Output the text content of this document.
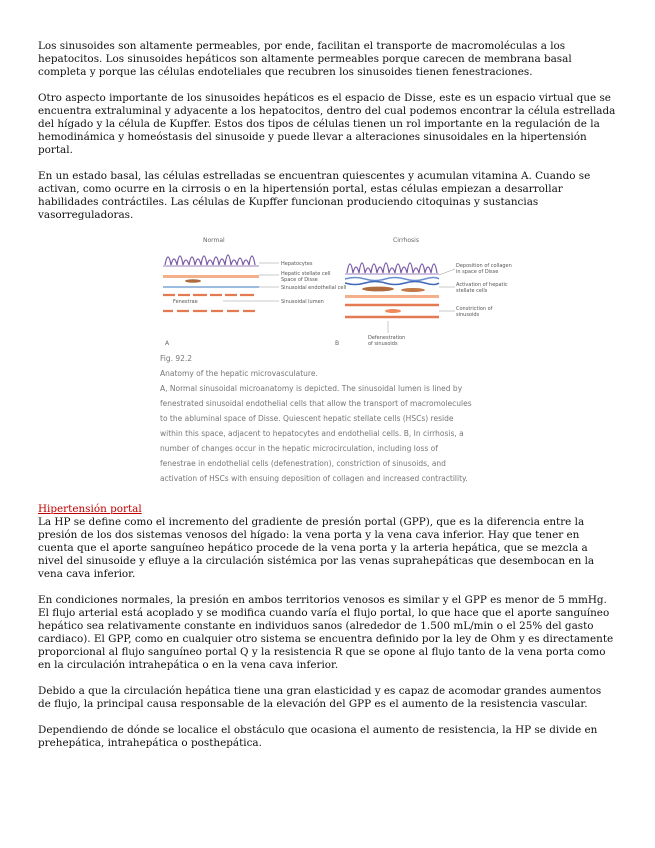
Los sinusoides son altamente permeables, por ende, facilitan el transporte de macromoléculas a los hepatocitos. Los sinusoides hepáticos son altamente permeables porque carecen de membrana basal completa y porque las células endoteliales que recubren los sinusoides tienen fenestraciones.

Otro aspecto importante de los sinusoides hepáticos es el espacio de Disse, este es un espacio virtual que se encuentra extraluminal y adyacente a los hepatocitos, dentro del cual podemos encontrar la célula estrellada del hígado y la célula de Kupffer. Estos dos tipos de células tienen un rol importante en la regulación de la hemodinámica y homeóstasis del sinusoide y puede llevar a alteraciones sinusoidales en la hipertensión portal.

En un estado basal, las células estrelladas se encuentran quiescentes y acumulan vitamina A. Cuando se activan, como ocurre en la cirrosis o en la hipertensión portal, estas células empiezan a desarrollar habilidades contráctiles. Las células de Kupffer funcionan produciendo citoquinas y sustancias vasorreguladoras.

Normal
Hepatocytes
Hepatic stellate cell
Space of Disse
Sinusoidal endothelial cell
Fenestrae	Sinusoidal lumen
A
Cirrhosis
Deposition of collagen
in space of Disse
Activation of hepatic
stellate cells
Constriction of
sinusoids
Defenestration
of sinusoids
B
Fig. 92.2
Anatomy of the hepatic microvasculature.
A, Normal sinusoidal microanatomy is depicted. The sinusoidal lumen is lined by
fenestrated sinusoidal endothelial cells that allow the transport of macromolecules
to the abluminal space of Disse. Quiescent hepatic stellate cells (HSCs) reside
within this space, adjacent to hepatocytes and endothelial cells. B, In cirrhosis, a
number of changes occur in the hepatic microcirculation, including loss of
fenestrae in endothelial cells (defenestration), constriction of sinusoids, and
activation of HSCs with ensuing deposition of collagen and increased contractility.
Hipertensión portal

La HP se define como el incremento del gradiente de presión portal (GPP), que es la diferencia entre la presión de los dos sistemas venosos del hígado: la vena porta y la vena cava inferior. Hay que tener en cuenta que el aporte sanguíneo hepático procede de la vena porta y la arteria hepática, que se mezcla a nivel del sinusoide y efluye a la circulación sistémica por las venas suprahepáticas que desembocan en la vena cava inferior.

En condiciones normales, la presión en ambos territorios venosos es similar y el GPP es menor de 5 mmHg.

El flujo arterial está acoplado y se modifica cuando varía el flujo portal, lo que hace que el aporte sanguíneo hepático sea relativamente constante en individuos sanos (alrededor de 1.500 mL/min o el 25% del gasto cardiaco). El GPP, como en cualquier otro sistema se encuentra definido por la ley de Ohm y es directamente proporcional al flujo sanguíneo portal Q y la resistencia R que se opone al flujo tanto de la vena porta como en la circulación intrahepática o en la vena cava inferior.

Debido a que la circulación hepática tiene una gran elasticidad y es capaz de acomodar grandes aumentos de flujo, la principal causa responsable de la elevación del GPP es el aumento de la resistencia vascular.

Dependiendo de dónde se localice el obstáculo que ocasiona el aumento de resistencia, la HP se divide en prehepática, intrahepática o posthepática.
